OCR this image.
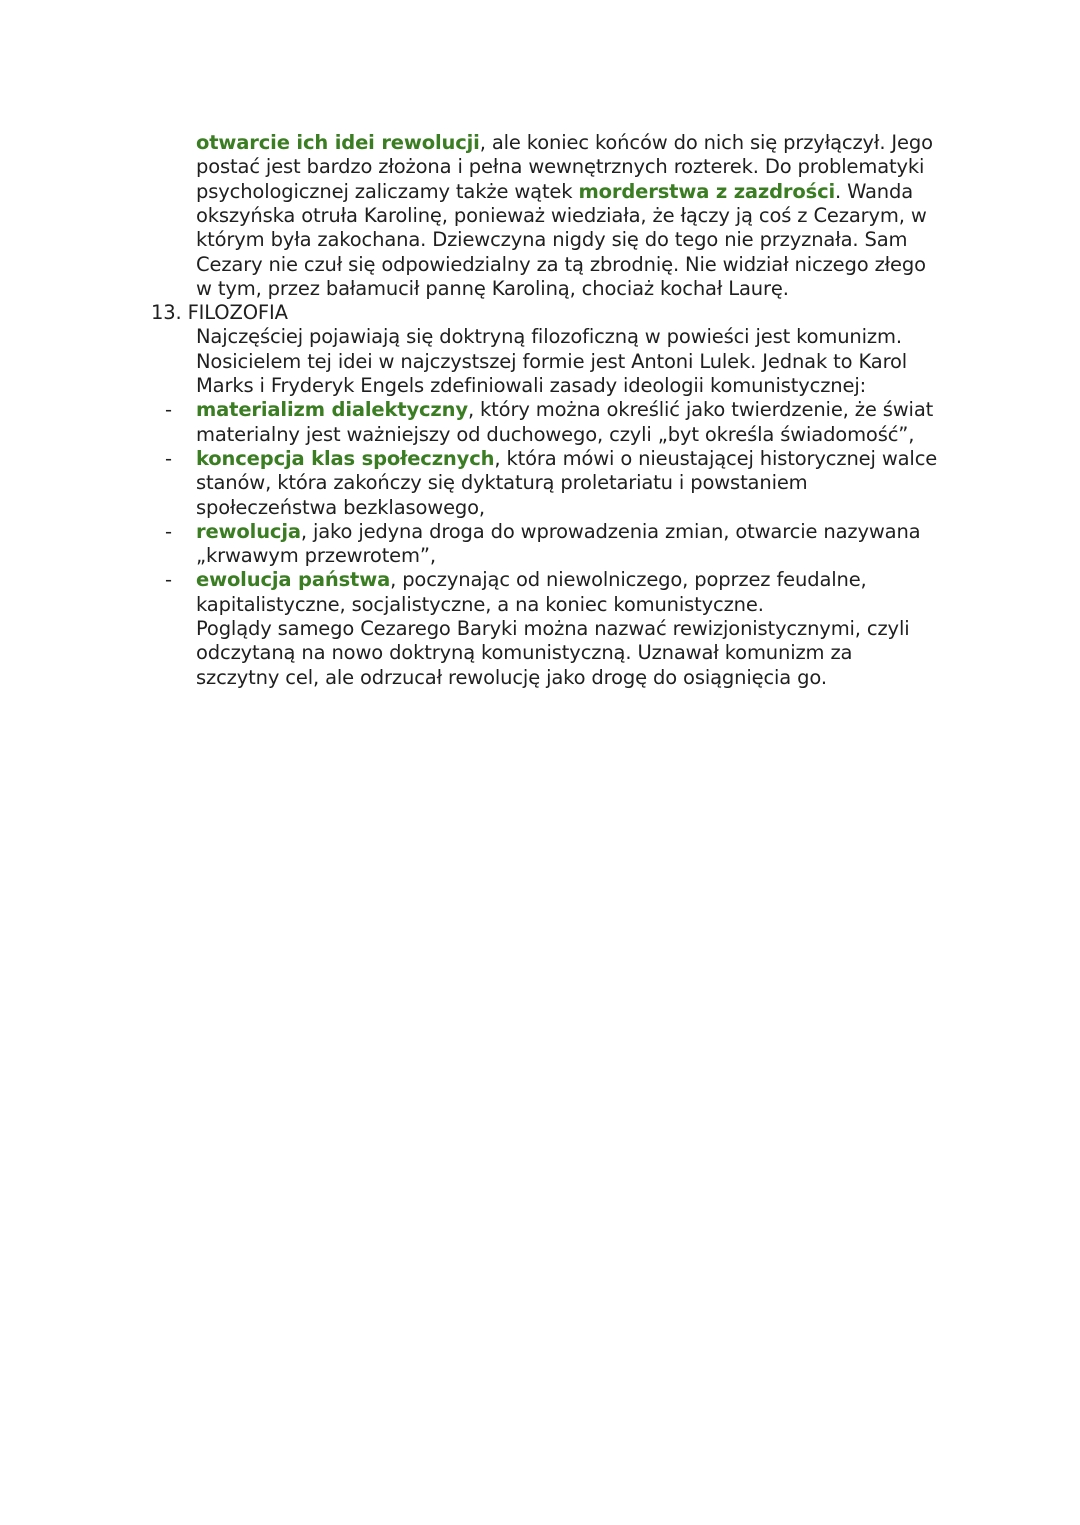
otwarcie ich idei rewolucji, ale koniec końców do nich się przyłączył. Jego
postać jest bardzo złożona i pełna wewnętrznych rozterek. Do problematyki
psychologicznej zaliczamy także wątek morderstwa z zazdrości. Wanda
okszyńska otruła Karolinę, ponieważ wiedziała, że łączy ją coś z Cezarym, w
którym była zakochana. Dziewczyna nigdy się do tego nie przyznała. Sam
Cezary nie czuł się odpowiedzialny za tą zbrodnię. Nie widział niczego złego
w tym, przez bałamucił pannę Karoliną, chociaż kochał Laurę.
13. FILOZOFIA
Najczęściej pojawiają się doktryną filozoficzną w powieści jest komunizm.
Nosicielem tej idei w najczystszej formie jest Antoni Lulek. Jednak to Karol
Marks i Fryderyk Engels zdefiniowali zasady ideologii komunistycznej:
- materializm dialektyczny, który można określić jako twierdzenie, że świat
materialny jest ważniejszy od duchowego, czyli „byt określa świadomość”,
- koncepcja klas społecznych, która mówi o nieustającej historycznej walce
stanów, która zakończy się dyktaturą proletariatu i powstaniem
społeczeństwa bezklasowego,
- rewolucja, jako jedyna droga do wprowadzenia zmian, otwarcie nazywana
„krwawym przewrotem”,
- ewolucja państwa, poczynając od niewolniczego, poprzez feudalne,
kapitalistyczne, socjalistyczne, a na koniec komunistyczne.
Poglądy samego Cezarego Baryki można nazwać rewizjonistycznymi, czyli
odczytaną na nowo doktryną komunistyczną. Uznawał komunizm za
szczytny cel, ale odrzucał rewolucję jako drogę do osiągnięcia go.
